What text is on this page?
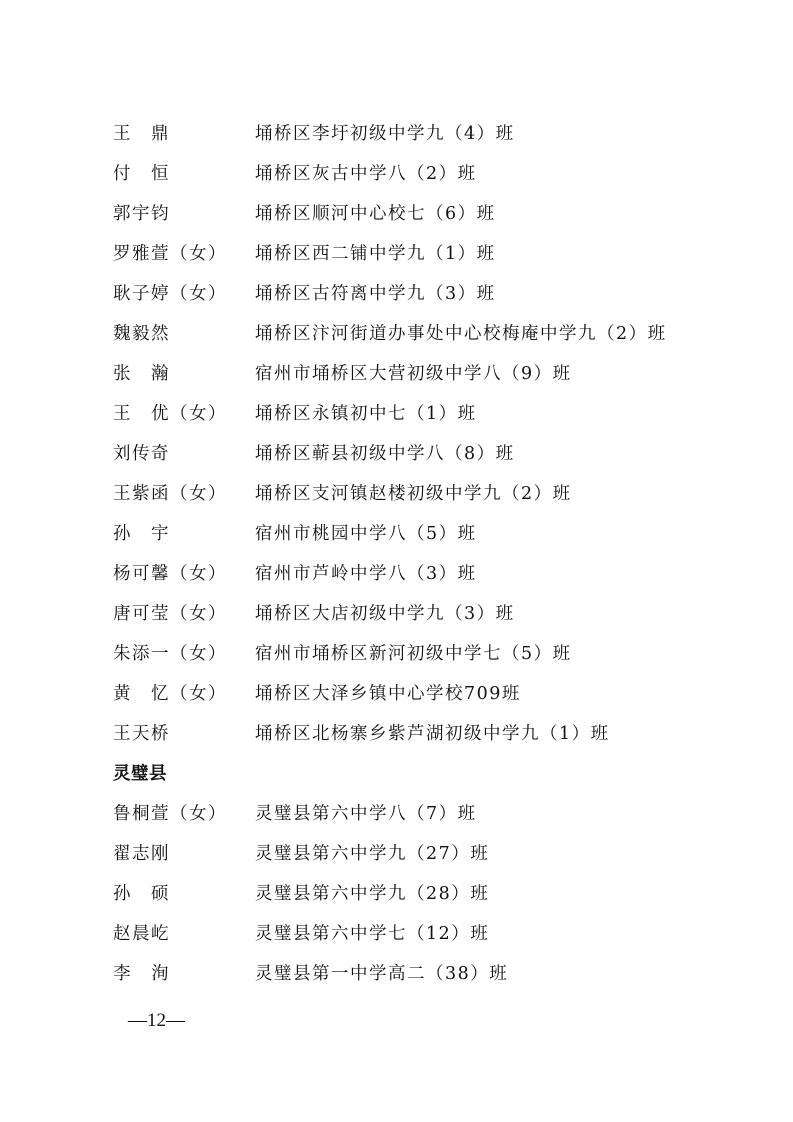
王　鼎	埇桥区李圩初级中学九（4）班
付　恒	埇桥区灰古中学八（2）班
郭宇钧	埇桥区顺河中心校七（6）班
罗雅萱（女）	埇桥区西二铺中学九（1）班
耿子婷（女）	埇桥区古符离中学九（3）班
魏毅然	埇桥区汴河街道办事处中心校梅庵中学九（2）班
张　瀚	宿州市埇桥区大营初级中学八（9）班
王　优（女）	埇桥区永镇初中七（1）班
刘传奇	埇桥区蕲县初级中学八（8）班
王紫函（女）	埇桥区支河镇赵楼初级中学九（2）班
孙　宇	宿州市桃园中学八（5）班
杨可馨（女）	宿州市芦岭中学八（3）班
唐可莹（女）	埇桥区大店初级中学九（3）班
朱添一（女）	宿州市埇桥区新河初级中学七（5）班
黄　忆（女）	埇桥区大泽乡镇中心学校709班
王天桥	埇桥区北杨寨乡紫芦湖初级中学九（1）班
灵璧县
鲁桐萱（女）	灵璧县第六中学八（7）班
翟志刚	灵璧县第六中学九（27）班
孙　硕	灵璧县第六中学九（28）班
赵晨屹	灵璧县第六中学七（12）班
李　洵	灵璧县第一中学高二（38）班
—12—
